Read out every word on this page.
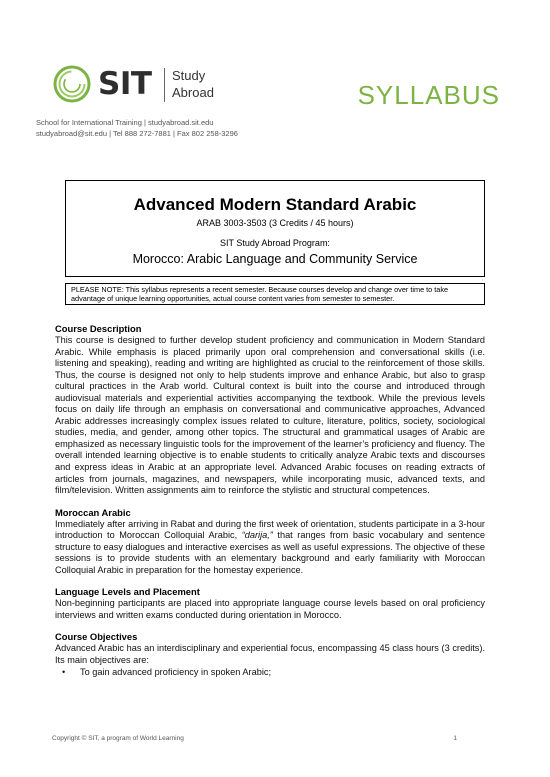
SIT Study
Abroad	SYLLABUS
School for International Training | studyabroad.sit.edu
studyabroad@sit.edu | Tel 888 272-7881 | Fax 802 258-3296
Advanced Modern Standard Arabic
ARAB 3003-3503 (3 Credits / 45 hours)
SIT Study Abroad Program:
Morocco: Arabic Language and Community Service
PLEASE NOTE: This syllabus represents a recent semester. Because courses develop and change over time to take advantage of unique learning opportunities, actual course content varies from semester to semester.
Course Description

This course is designed to further develop student proficiency and communication in Modern Standard Arabic. While emphasis is placed primarily upon oral comprehension and conversational skills (i.e. listening and speaking), reading and writing are highlighted as crucial to the reinforcement of those skills. Thus, the course is designed not only to help students improve and enhance Arabic, but also to grasp cultural practices in the Arab world. Cultural context is built into the course and introduced through audiovisual materials and experiential activities accompanying the textbook. While the previous levels focus on daily life through an emphasis on conversational and communicative approaches, Advanced Arabic addresses increasingly complex issues related to culture, literature, politics, society, sociological studies, media, and gender, among other topics. The structural and grammatical usages of Arabic are emphasized as necessary linguistic tools for the improvement of the learner’s proficiency and fluency. The overall intended learning objective is to enable students to critically analyze Arabic texts and discourses and express ideas in Arabic at an appropriate level. Advanced Arabic focuses on reading extracts of articles from journals, magazines, and newspapers, while incorporating music, advanced texts, and film/television. Written assignments aim to reinforce the stylistic and structural competences.

Moroccan Arabic

Immediately after arriving in Rabat and during the first week of orientation, students participate in a 3-hour introduction to Moroccan Colloquial Arabic, “darija,” that ranges from basic vocabulary and sentence structure to easy dialogues and interactive exercises as well as useful expressions. The objective of these sessions is to provide students with an elementary background and early familiarity with Moroccan Colloquial Arabic in preparation for the homestay experience.

Language Levels and Placement

Non-beginning participants are placed into appropriate language course levels based on oral proficiency interviews and written exams conducted during orientation in Morocco.

Course Objectives

Advanced Arabic has an interdisciplinary and experiential focus, encompassing 45 class hours (3 credits). Its main objectives are:

•	To gain advanced proficiency in spoken Arabic;
Copyright © SIT, a program of World Learning	1
